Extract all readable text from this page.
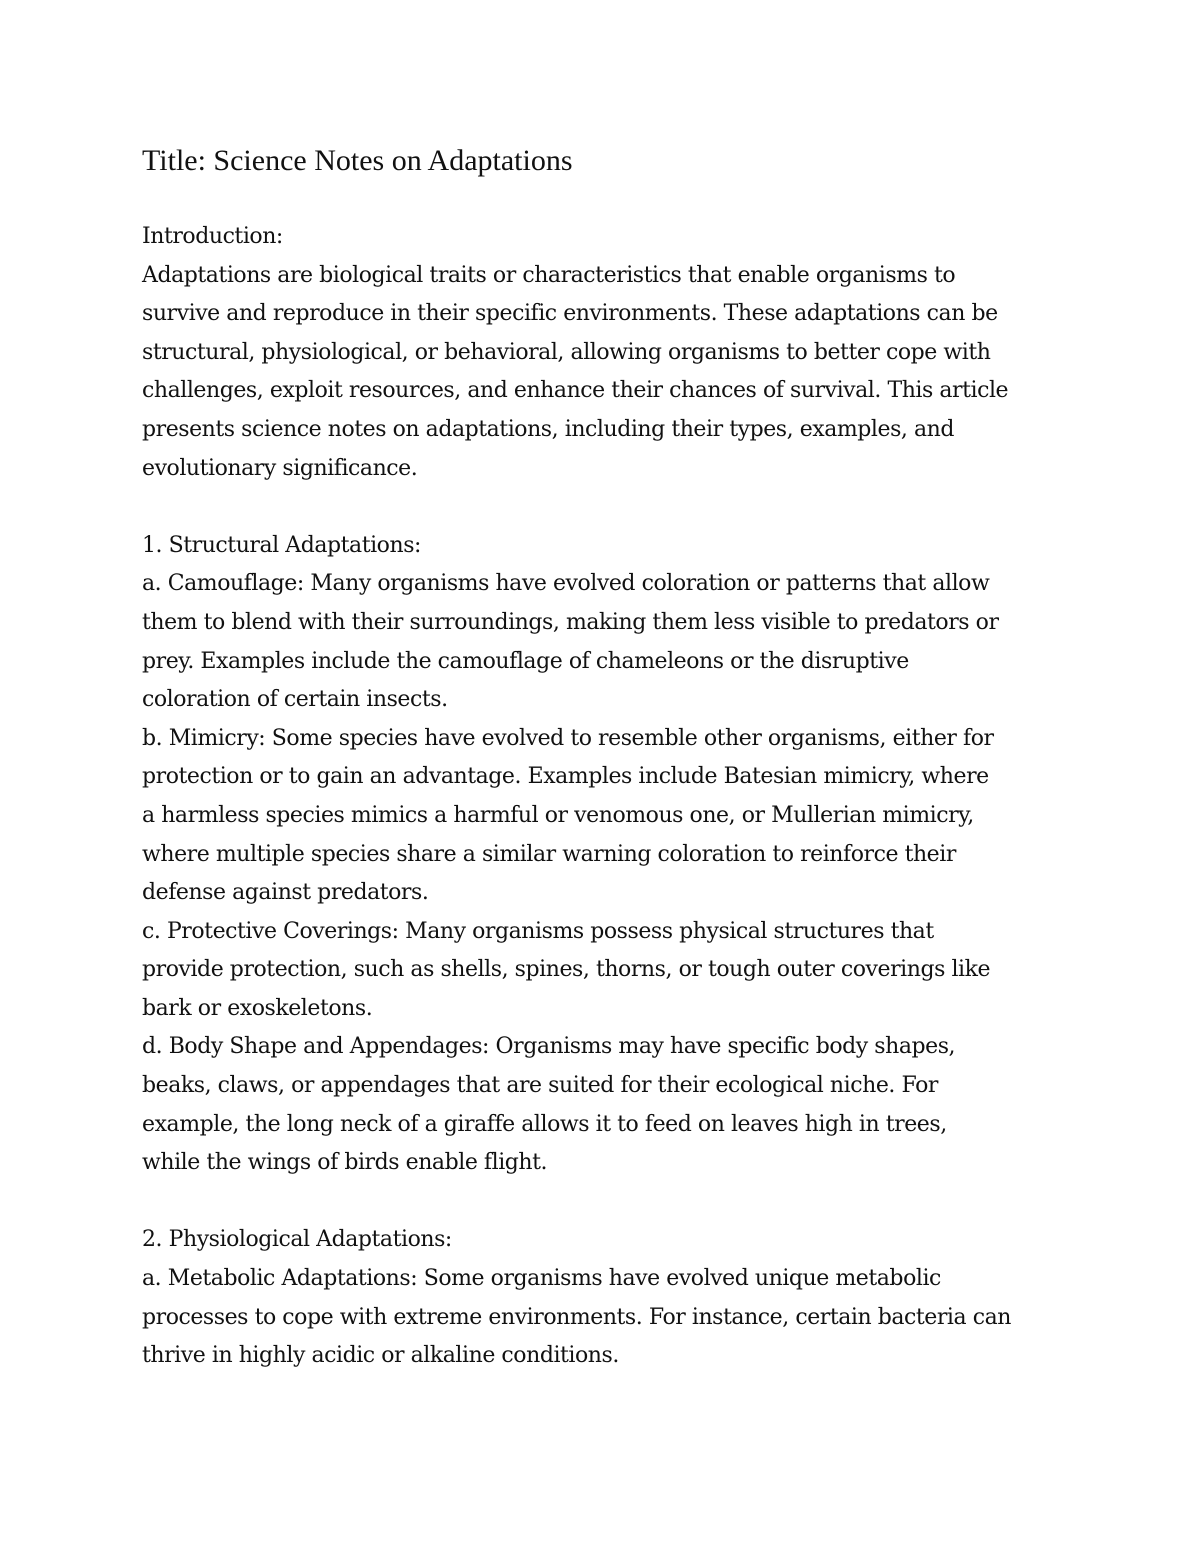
Title: Science Notes on Adaptations

Introduction:

Adaptations are biological traits or characteristics that enable organisms to

survive and reproduce in their specific environments. These adaptations can be

structural, physiological, or behavioral, allowing organisms to better cope with

challenges, exploit resources, and enhance their chances of survival. This article

presents science notes on adaptations, including their types, examples, and

evolutionary significance.

1. Structural Adaptations:

a. Camouflage: Many organisms have evolved coloration or patterns that allow

them to blend with their surroundings, making them less visible to predators or

prey. Examples include the camouflage of chameleons or the disruptive

coloration of certain insects.

b. Mimicry: Some species have evolved to resemble other organisms, either for

protection or to gain an advantage. Examples include Batesian mimicry, where

a harmless species mimics a harmful or venomous one, or Mullerian mimicry,

where multiple species share a similar warning coloration to reinforce their

defense against predators.

c. Protective Coverings: Many organisms possess physical structures that

provide protection, such as shells, spines, thorns, or tough outer coverings like

bark or exoskeletons.

d. Body Shape and Appendages: Organisms may have specific body shapes,

beaks, claws, or appendages that are suited for their ecological niche. For

example, the long neck of a giraffe allows it to feed on leaves high in trees,

while the wings of birds enable flight.

2. Physiological Adaptations:

a. Metabolic Adaptations: Some organisms have evolved unique metabolic

processes to cope with extreme environments. For instance, certain bacteria can

thrive in highly acidic or alkaline conditions.
